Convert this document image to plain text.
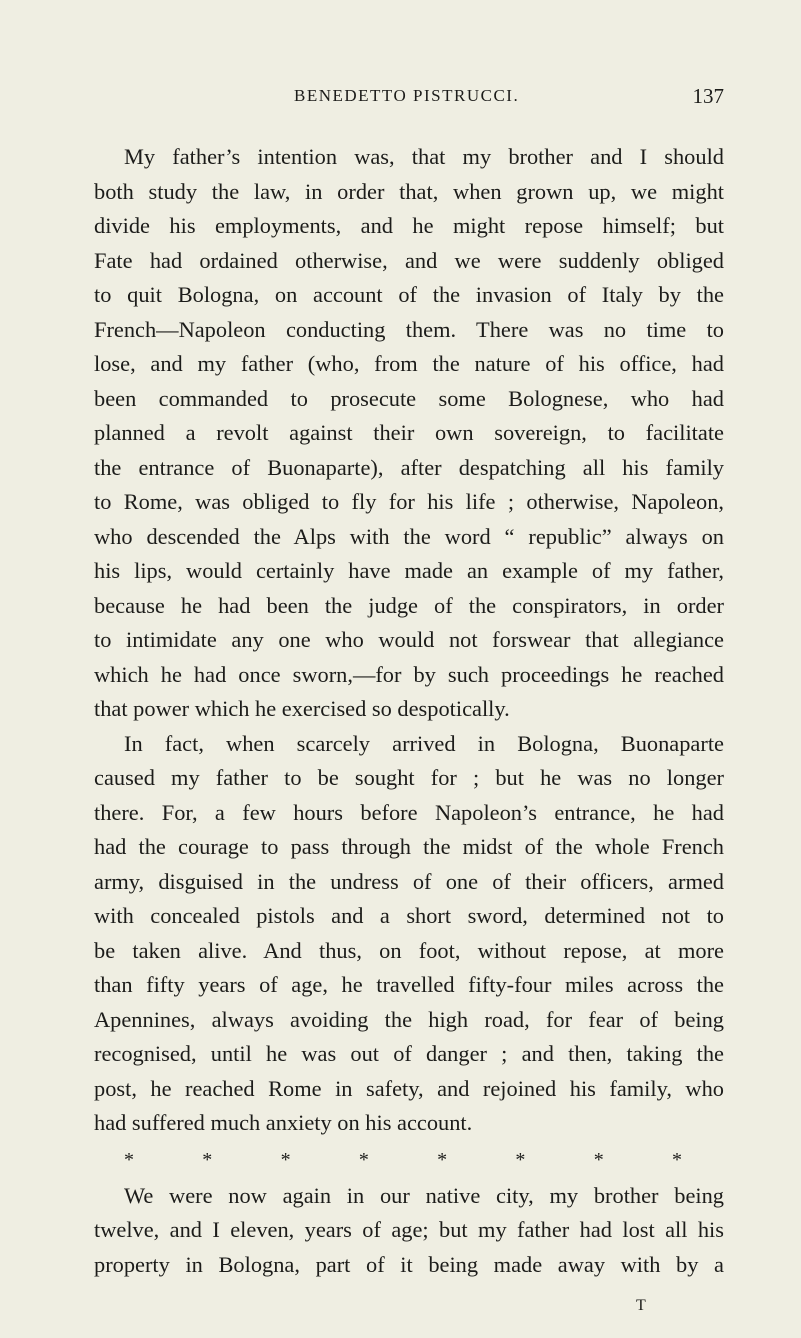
BENEDETTO PISTRUCCI.	137
My father’s intention was, that my brother and I should
both study the law, in order that, when grown up, we might
divide his employments, and he might repose himself; but
Fate had ordained otherwise, and we were suddenly obliged
to quit Bologna, on account of the invasion of Italy by the
French—Napoleon conducting them. There was no time to
lose, and my father (who, from the nature of his office, had
been commanded to prosecute some Bolognese, who had
planned a revolt against their own sovereign, to facilitate
the entrance of Buonaparte), after despatching all his family
to Rome, was obliged to fly for his life ; otherwise, Napoleon,
who descended the Alps with the word “ republic” always on
his lips, would certainly have made an example of my father,
because he had been the judge of the conspirators, in order
to intimidate any one who would not forswear that allegiance
which he had once sworn,—for by such proceedings he reached
that power which he exercised so despotically.
In fact, when scarcely arrived in Bologna, Buonaparte
caused my father to be sought for ; but he was no longer
there. For, a few hours before Napoleon’s entrance, he had
had the courage to pass through the midst of the whole French
army, disguised in the undress of one of their officers, armed
with concealed pistols and a short sword, determined not to
be taken alive. And thus, on foot, without repose, at more
than fifty years of age, he travelled fifty-four miles across the
Apennines, always avoiding the high road, for fear of being
recognised, until he was out of danger ; and then, taking the
post, he reached Rome in safety, and rejoined his family, who
had suffered much anxiety on his account.
*	*	*	*	*	*	*	*
We were now again in our native city, my brother being
twelve, and I eleven, years of age; but my father had lost all his
property in Bologna, part of it being made away with by a
T
